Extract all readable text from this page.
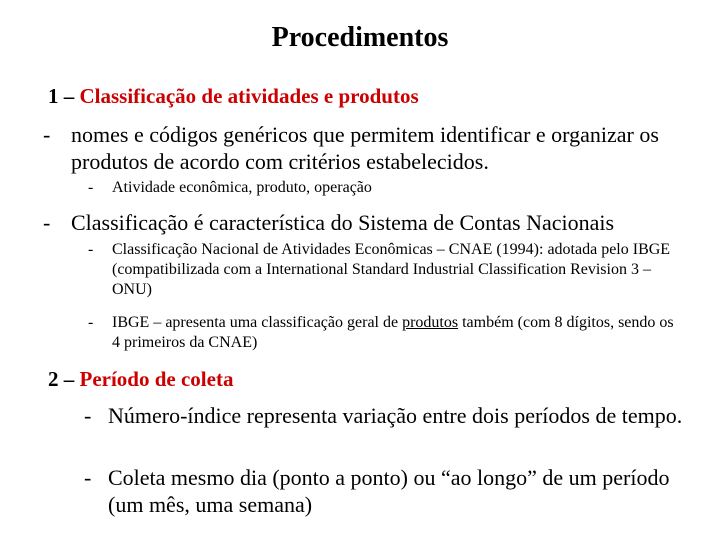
Procedimentos
1 – Classificação de atividades e produtos
- nomes e códigos genéricos que permitem identificar e organizar os produtos de acordo com critérios estabelecidos.
-	Atividade econômica, produto, operação
- Classificação é característica do Sistema de Contas Nacionais
-	Classificação Nacional de Atividades Econômicas – CNAE (1994): adotada pelo IBGE (compatibilizada com a International Standard Industrial Classification Revision 3 – ONU)
-	IBGE – apresenta uma classificação geral de produtos também (com 8 dígitos, sendo os 4 primeiros da CNAE)
2 – Período de coleta
- Número-índice representa variação entre dois períodos de tempo.
- Coleta mesmo dia (ponto a ponto) ou “ao longo” de um período (um mês, uma semana)
